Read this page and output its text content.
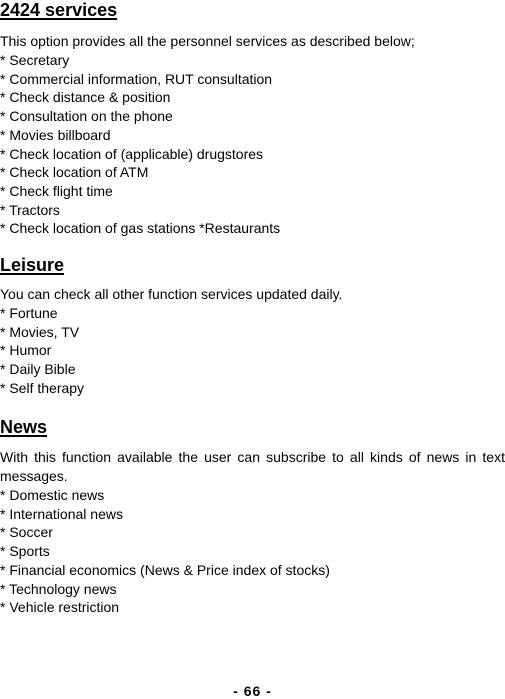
2424 services

This option provides all the personnel services as described below;

* Secretary
* Commercial information, RUT consultation
* Check distance & position
* Consultation on the phone
* Movies billboard
* Check location of (applicable) drugstores
* Check location of ATM
* Check flight time
* Tractors
* Check location of gas stations *Restaurants
Leisure

You can check all other function services updated daily.

* Fortune
* Movies, TV
* Humor
* Daily Bible
* Self therapy
News

With this function available the user can subscribe to all kinds of news in text messages.

* Domestic news
* International news
* Soccer
* Sports
* Financial economics (News & Price index of stocks)
* Technology news
* Vehicle restriction
- 66 -
